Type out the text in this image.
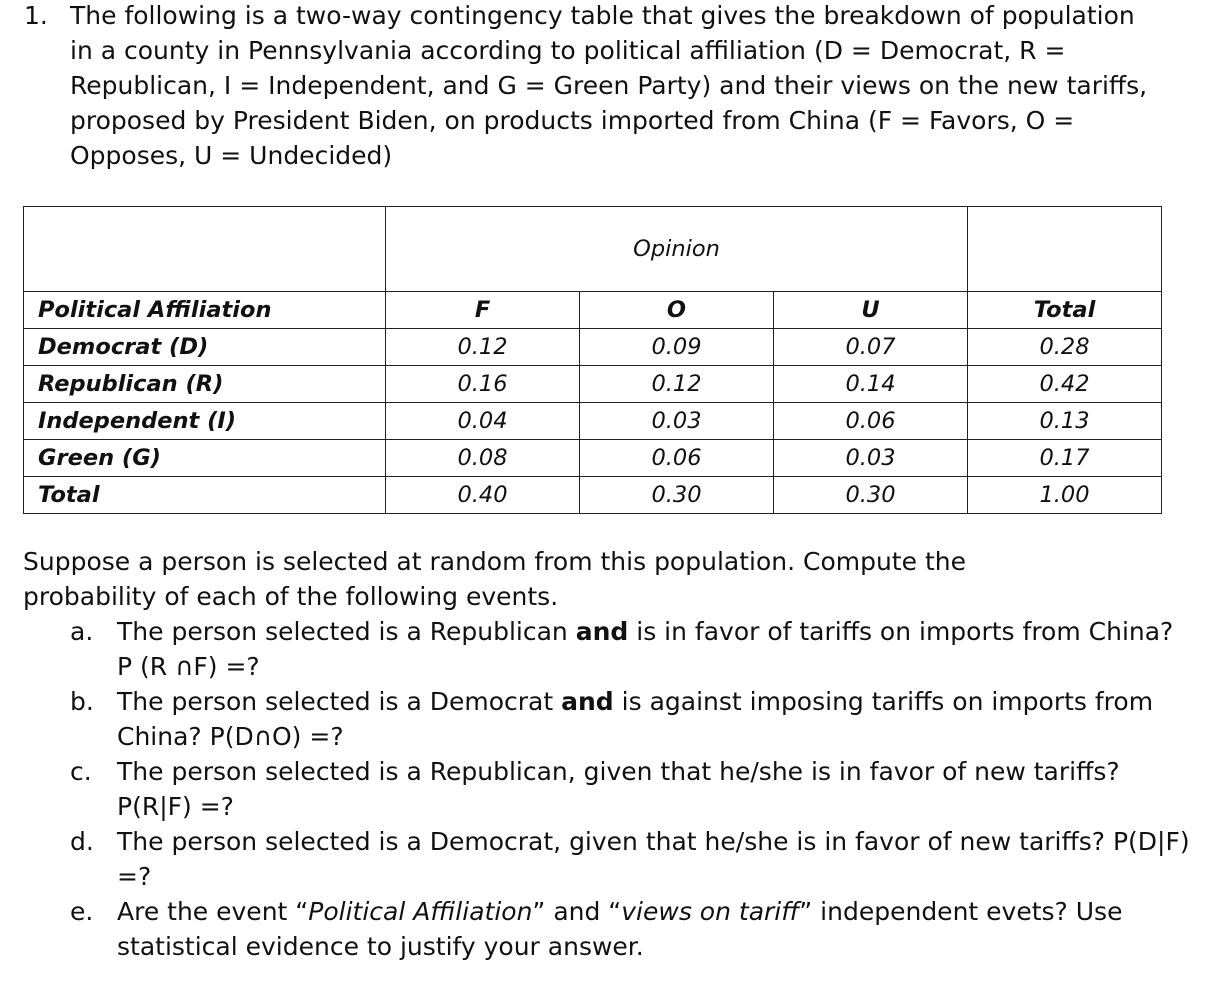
1. The following is a two-way contingency table that gives the breakdown of population in a county in Pennsylvania according to political affiliation (D = Democrat, R = Republican, I = Independent, and G = Green Party) and their views on the new tariffs, proposed by President Biden, on products imported from China (F = Favors, O = Opposes, U = Undecided)
	Opinion			
Political Affiliation	F	O	U	Total
Democrat (D)	0.12	0.09	0.07	0.28
Republican (R)	0.16	0.12	0.14	0.42
Independent (I)	0.04	0.03	0.06	0.13
Green (G)	0.08	0.06	0.03	0.17
Total	0.40	0.30	0.30	1.00
Suppose a person is selected at random from this population. Compute the probability of each of the following events.
a. The person selected is a Republican and is in favor of tariffs on imports from China?
P (R ∩F) =?
b. The person selected is a Democrat and is against imposing tariffs on imports from China? P(D∩O) =?
c. The person selected is a Republican, given that he/she is in favor of new tariffs? P(R|F) =?
d. The person selected is a Democrat, given that he/she is in favor of new tariffs? P(D|F) =?
e. Are the event “Political Affiliation” and “views on tariff” independent evets? Use statistical evidence to justify your answer.
